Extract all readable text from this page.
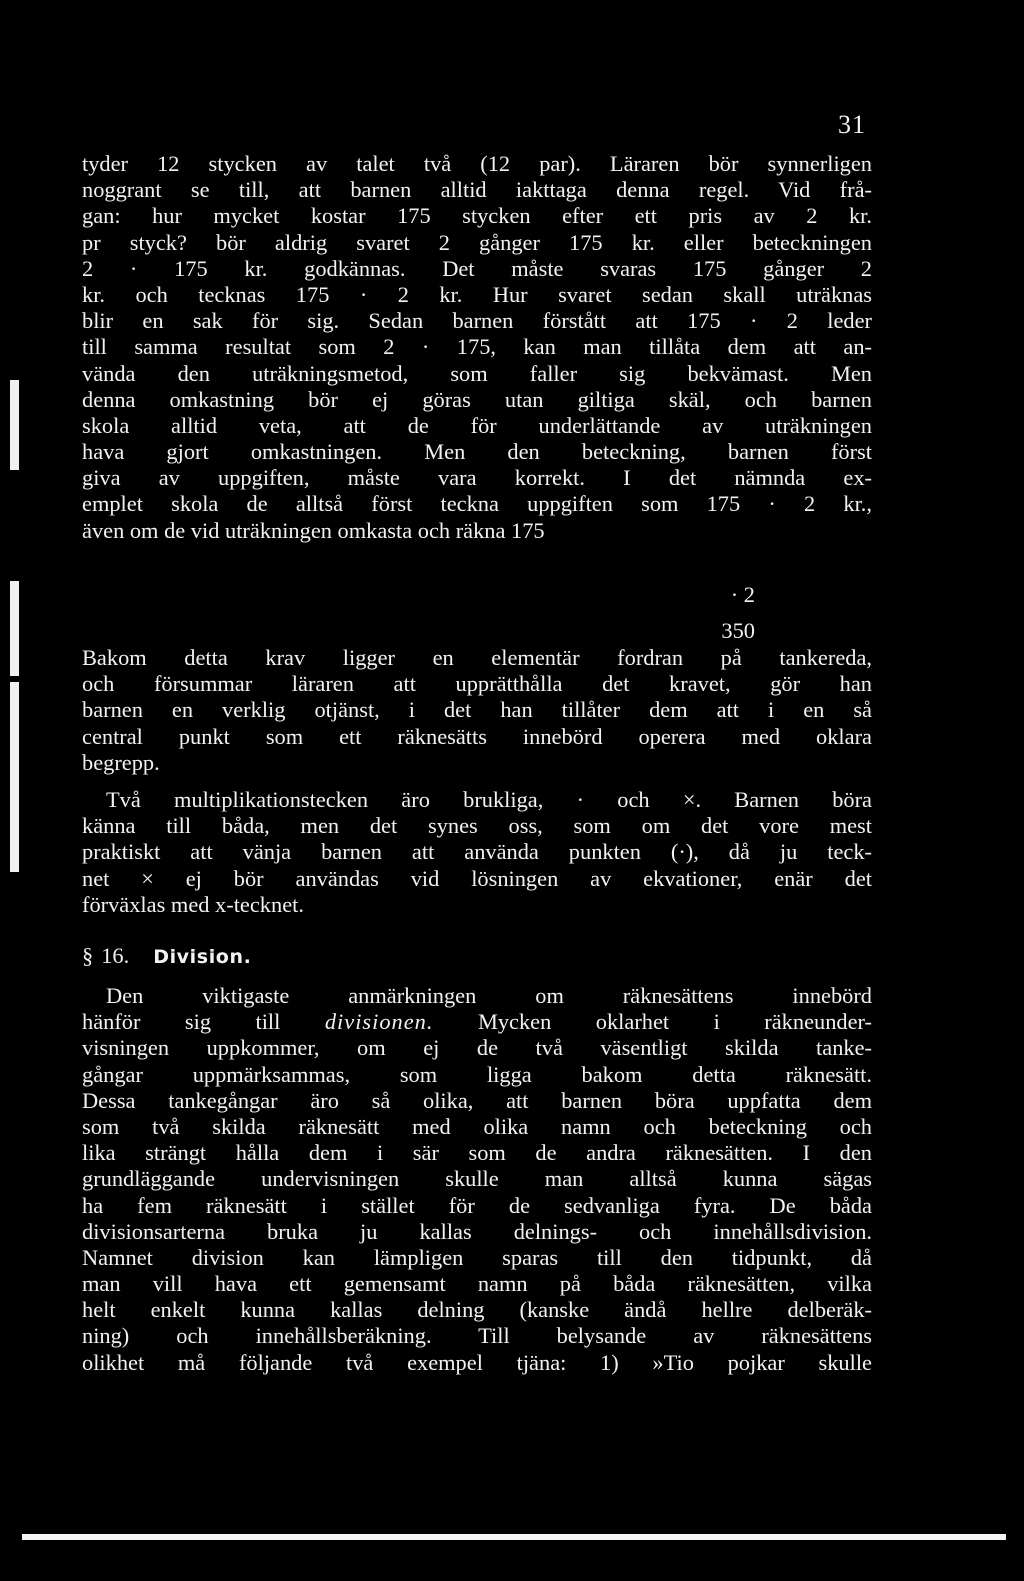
31
tyder 12 stycken av talet två (12 par). Läraren bör synnerligen
noggrant se till, att barnen alltid iakttaga denna regel. Vid frå-
gan: hur mycket kostar 175 stycken efter ett pris av 2 kr.
pr styck? bör aldrig svaret 2 gånger 175 kr. eller beteckningen
2 · 175 kr. godkännas. Det måste svaras 175 gånger 2
kr. och tecknas 175 · 2 kr. Hur svaret sedan skall uträknas
blir en sak för sig. Sedan barnen förstått att 175 · 2 leder
till samma resultat som 2 · 175, kan man tillåta dem att an-
vända den uträkningsmetod, som faller sig bekvämast. Men
denna omkastning bör ej göras utan giltiga skäl, och barnen
skola alltid veta, att de för underlättande av uträkningen
hava gjort omkastningen. Men den beteckning, barnen först
giva av uppgiften, måste vara korrekt. I det nämnda ex-
emplet skola de alltså först teckna uppgiften som 175 · 2 kr.,
även om de vid uträkningen omkasta och räkna 175
· 2
350
Bakom detta krav ligger en elementär fordran på tankereda,
och försummar läraren att upprätthålla det kravet, gör han
barnen en verklig otjänst, i det han tillåter dem att i en så
central punkt som ett räknesätts innebörd operera med oklara
begrepp.
Två multiplikationstecken äro brukliga, · och ×. Barnen böra
känna till båda, men det synes oss, som om det vore mest
praktiskt att vänja barnen att använda punkten (·), då ju teck-
net × ej bör användas vid lösningen av ekvationer, enär det
förväxlas med x-tecknet.
§ 16. Division.
Den viktigaste anmärkningen om räknesättens innebörd
hänför sig till divisionen. Mycken oklarhet i räkneunder-
visningen uppkommer, om ej de två väsentligt skilda tanke-
gångar uppmärksammas, som ligga bakom detta räknesätt.
Dessa tankegångar äro så olika, att barnen böra uppfatta dem
som två skilda räknesätt med olika namn och beteckning och
lika strängt hålla dem i sär som de andra räknesätten. I den
grundläggande undervisningen skulle man alltså kunna sägas
ha fem räknesätt i stället för de sedvanliga fyra. De båda
divisionsarterna bruka ju kallas delnings- och innehållsdivision.
Namnet division kan lämpligen sparas till den tidpunkt, då
man vill hava ett gemensamt namn på båda räknesätten, vilka
helt enkelt kunna kallas delning (kanske ändå hellre delberäk-
ning) och innehållsberäkning. Till belysande av räknesättens
olikhet må följande två exempel tjäna: 1) »Tio pojkar skulle
